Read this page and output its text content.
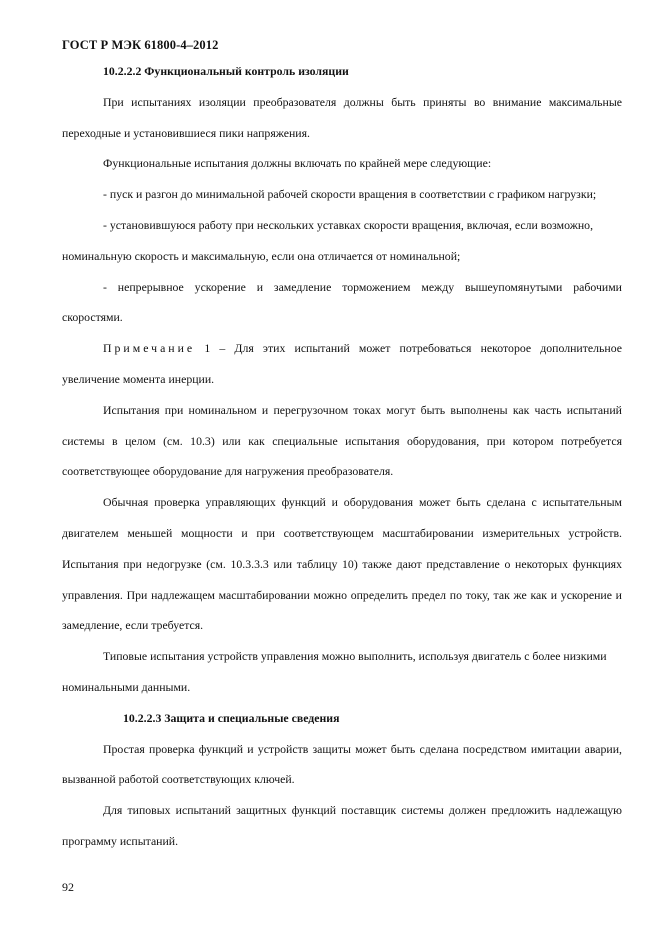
ГОСТ Р МЭК 61800-4–2012
10.2.2.2 Функциональный контроль изоляции

При испытаниях изоляции преобразователя должны быть приняты во внимание максимальные переходные и установившиеся пики напряжения.

Функциональные испытания должны включать по крайней мере следующие:

- пуск и разгон до минимальной рабочей скорости вращения в соответствии с графиком нагрузки;

- установившуюся работу при нескольких уставках скорости вращения, включая, если возможно, номинальную скорость и максимальную, если она отличается от номинальной;

- непрерывное ускорение и замедление торможением между вышеупомянутыми рабочими скоростями.

Примечание 1 – Для этих испытаний может потребоваться некоторое дополнительное увеличение момента инерции.

Испытания при номинальном и перегрузочном токах могут быть выполнены как часть испытаний системы в целом (см. 10.3) или как специальные испытания оборудования, при котором потребуется соответствующее оборудование для нагружения преобразователя.

Обычная проверка управляющих функций и оборудования может быть сделана с испытательным двигателем меньшей мощности и при соответствующем масштабировании измерительных устройств. Испытания при недогрузке (см. 10.3.3.3 или таблицу 10) также дают представление о некоторых функциях управления. При надлежащем масштабировании можно определить предел по току, так же как и ускорение и замедление, если требуется.

Типовые испытания устройств управления можно выполнить, используя двигатель с более низкими номинальными данными.

10.2.2.3 Защита и специальные сведения

Простая проверка функций и устройств защиты может быть сделана посредством имитации аварии, вызванной работой соответствующих ключей.

Для типовых испытаний защитных функций поставщик системы должен предложить надлежащую программу испытаний.

92
